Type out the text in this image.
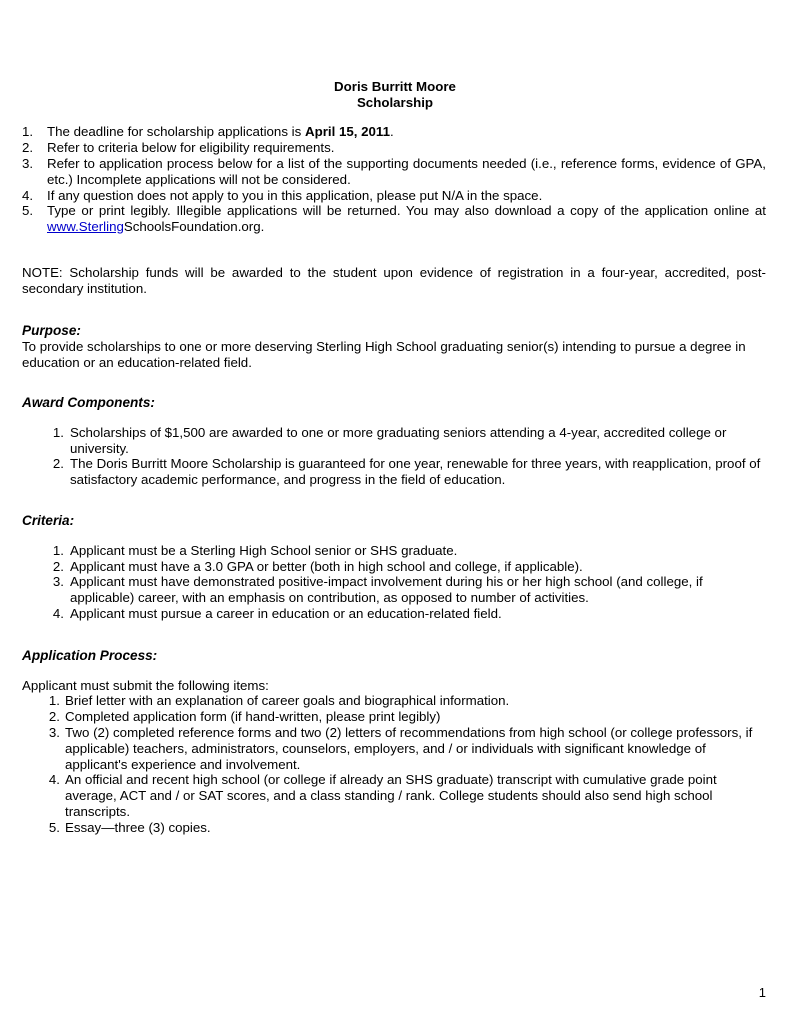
Doris Burritt Moore
Scholarship
1.	The deadline for scholarship applications is April 15, 2011.
2.	Refer to criteria below for eligibility requirements.
3.	Refer to application process below for a list of the supporting documents needed (i.e., reference forms, evidence of GPA, etc.) Incomplete applications will not be considered.
4.	If any question does not apply to you in this application, please put N/A in the space.
5.	Type or print legibly. Illegible applications will be returned. You may also download a copy of the application online at www.SterlingSchoolsFoundation.org.

NOTE: Scholarship funds will be awarded to the student upon evidence of registration in a four-year, accredited, post-secondary institution.

Purpose:

To provide scholarships to one or more deserving Sterling High School graduating senior(s) intending to pursue a degree in education or an education-related field.

Award Components:
1. Scholarships of $1,500 are awarded to one or more graduating seniors attending a 4-year, accredited college or university.
2. The Doris Burritt Moore Scholarship is guaranteed for one year, renewable for three years, with reapplication, proof of satisfactory academic performance, and progress in the field of education.
Criteria:
1. Applicant must be a Sterling High School senior or SHS graduate.
2. Applicant must have a 3.0 GPA or better (both in high school and college, if applicable).
3. Applicant must have demonstrated positive-impact involvement during his or her high school (and college, if applicable) career, with an emphasis on contribution, as opposed to number of activities.
4. Applicant must pursue a career in education or an education-related field.
Application Process:

Applicant must submit the following items:

1. Brief letter with an explanation of career goals and biographical information.
2. Completed application form (if hand-written, please print legibly)
3. Two (2) completed reference forms and two (2) letters of recommendations from high school (or college professors, if applicable) teachers, administrators, counselors, employers, and / or individuals with significant knowledge of applicant's experience and involvement.
4. An official and recent high school (or college if already an SHS graduate) transcript with cumulative grade point average, ACT and / or SAT scores, and a class standing / rank. College students should also send high school transcripts.
5. Essay—three (3) copies.
1
